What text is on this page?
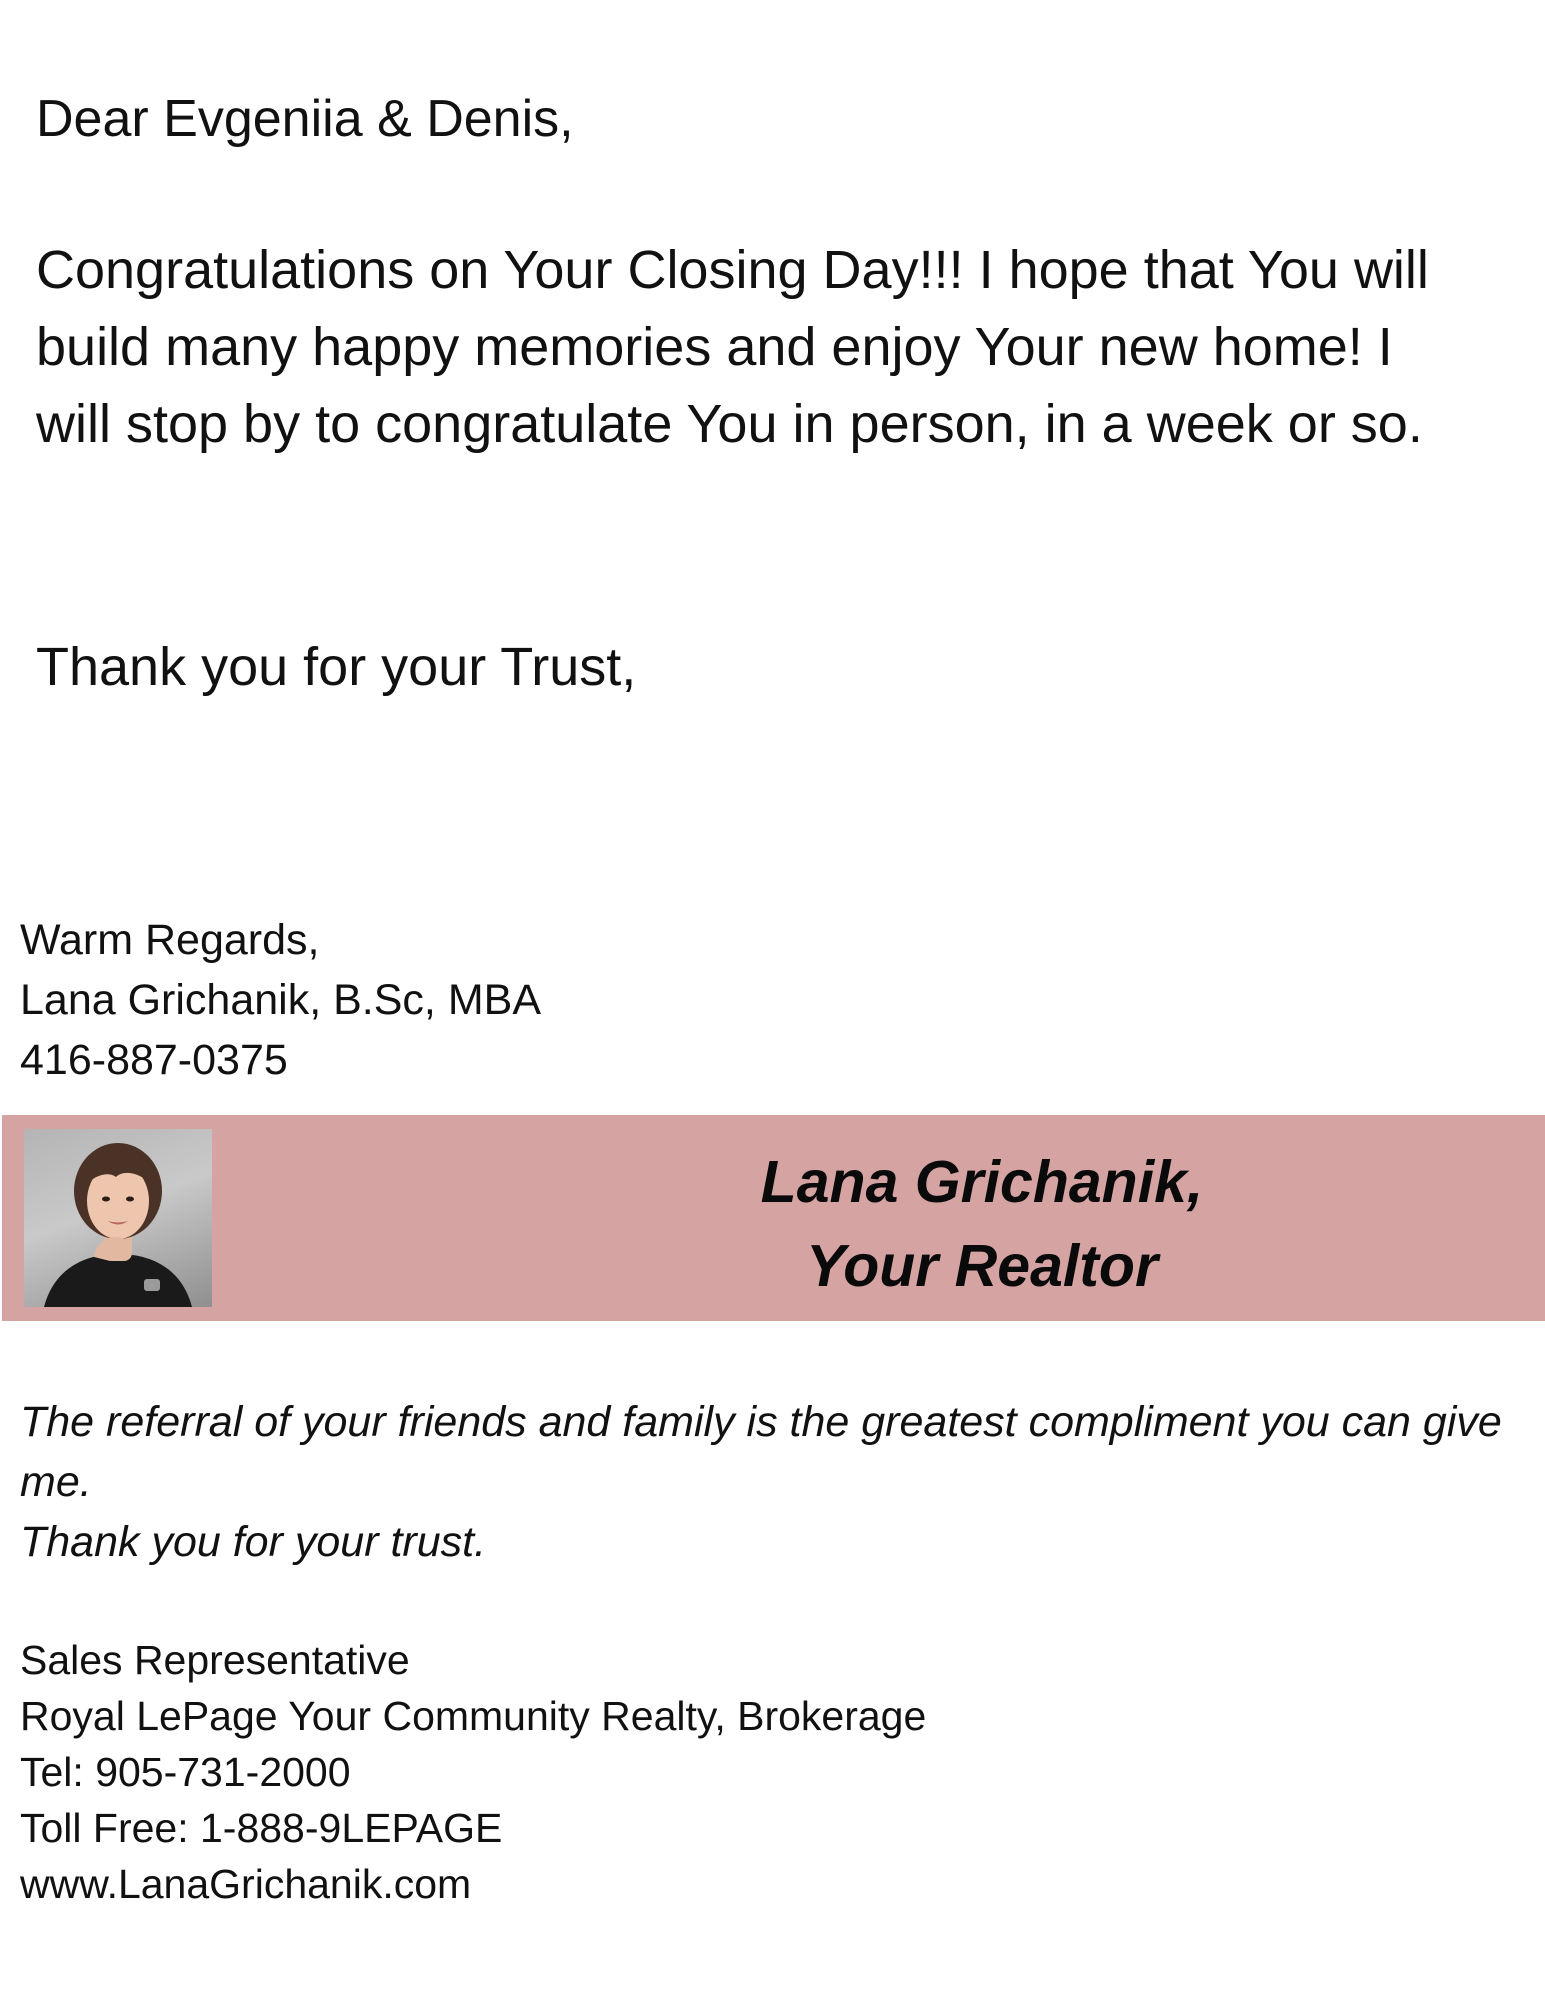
Dear Evgeniia & Denis,
Congratulations on Your Closing Day!!! I hope that You will
build many happy memories and enjoy Your new home! I
will stop by to congratulate You in person, in a week or so.
Thank you for your Trust,
Warm Regards,
Lana Grichanik, B.Sc, MBA
416-887-0375
Lana Grichanik,
Your Realtor
The referral of your friends and family is the greatest compliment you can give
me.
Thank you for your trust.
Sales Representative
Royal LePage Your Community Realty, Brokerage
Tel: 905-731-2000
Toll Free: 1-888-9LEPAGE
www.LanaGrichanik.com
